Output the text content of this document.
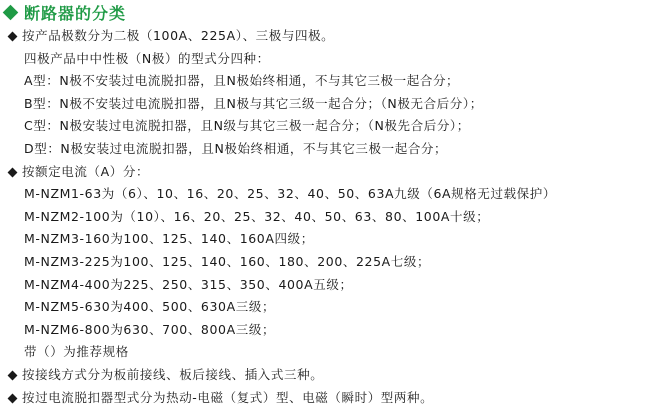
断路器的分类
按产品极数分为二极（100A、225A）、三极与四极。
四极产品中中性极（N极）的型式分四种：
A型：N极不安装过电流脱扣器，且N极始终相通，不与其它三极一起合分；
B型：N极不安装过电流脱扣器，且N极与其它三级一起合分；（N极无合后分）；
C型：N极安装过电流脱扣器，且N级与其它三极一起合分；（N极先合后分）；
D型：N极安装过电流脱扣器，且N极始终相通，不与其它三极一起合分；
按额定电流（A）分：
M-NZM1-63为（6）、10、16、20、25、32、40、50、63A九级（6A规格无过载保护）
M-NZM2-100为（10）、16、20、25、32、40、50、63、80、100A十级；
M-NZM3-160为100、125、140、160A四级；
M-NZM3-225为100、125、140、160、180、200、225A七级；
M-NZM4-400为225、250、315、350、400A五级；
M-NZM5-630为400、500、630A三级；
M-NZM6-800为630、700、800A三级；
带（）为推荐规格
按接线方式分为板前接线、板后接线、插入式三种。
按过电流脱扣器型式分为热动-电磁（复式）型、电磁（瞬时）型两种。
